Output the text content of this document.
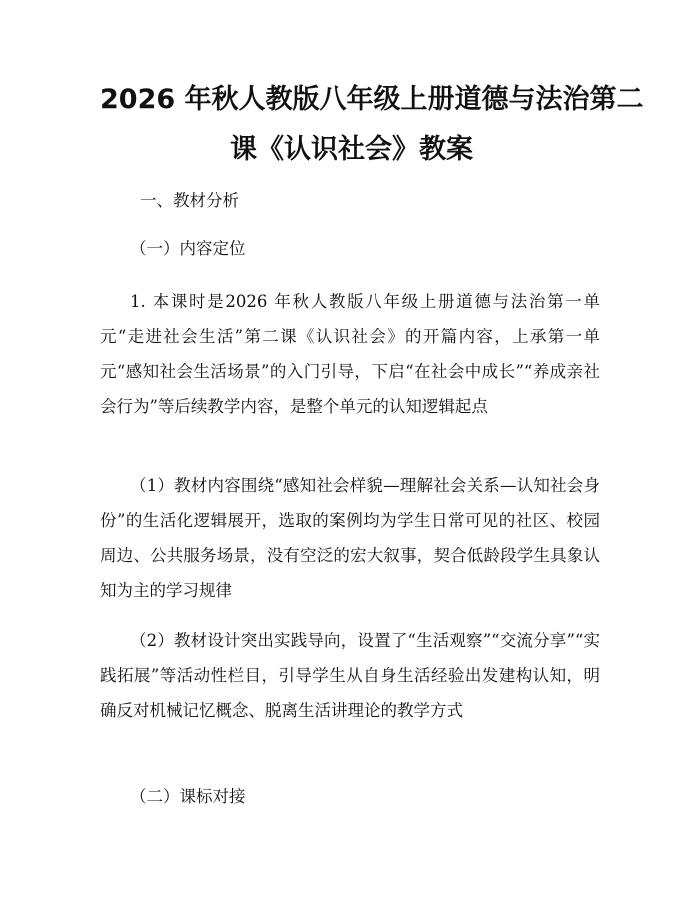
2026 年秋人教版八年级上册道德与法治第二
课《认识社会》教案
一、教材分析
（一）内容定位
1. 本课时是2026 年秋人教版八年级上册道德与法治第一单元“走进社会生活”第二课《认识社会》的开篇内容，上承第一单元“感知社会生活场景”的入门引导，下启“在社会中成长”“养成亲社会行为”等后续教学内容，是整个单元的认知逻辑起点
（1）教材内容围绕“感知社会样貌—理解社会关系—认知社会身份”的生活化逻辑展开，选取的案例均为学生日常可见的社区、校园周边、公共服务场景，没有空泛的宏大叙事，契合低龄段学生具象认知为主的学习规律
（2）教材设计突出实践导向，设置了“生活观察”“交流分享”“实践拓展”等活动性栏目，引导学生从自身生活经验出发建构认知，明确反对机械记忆概念、脱离生活讲理论的教学方式
（二）课标对接
